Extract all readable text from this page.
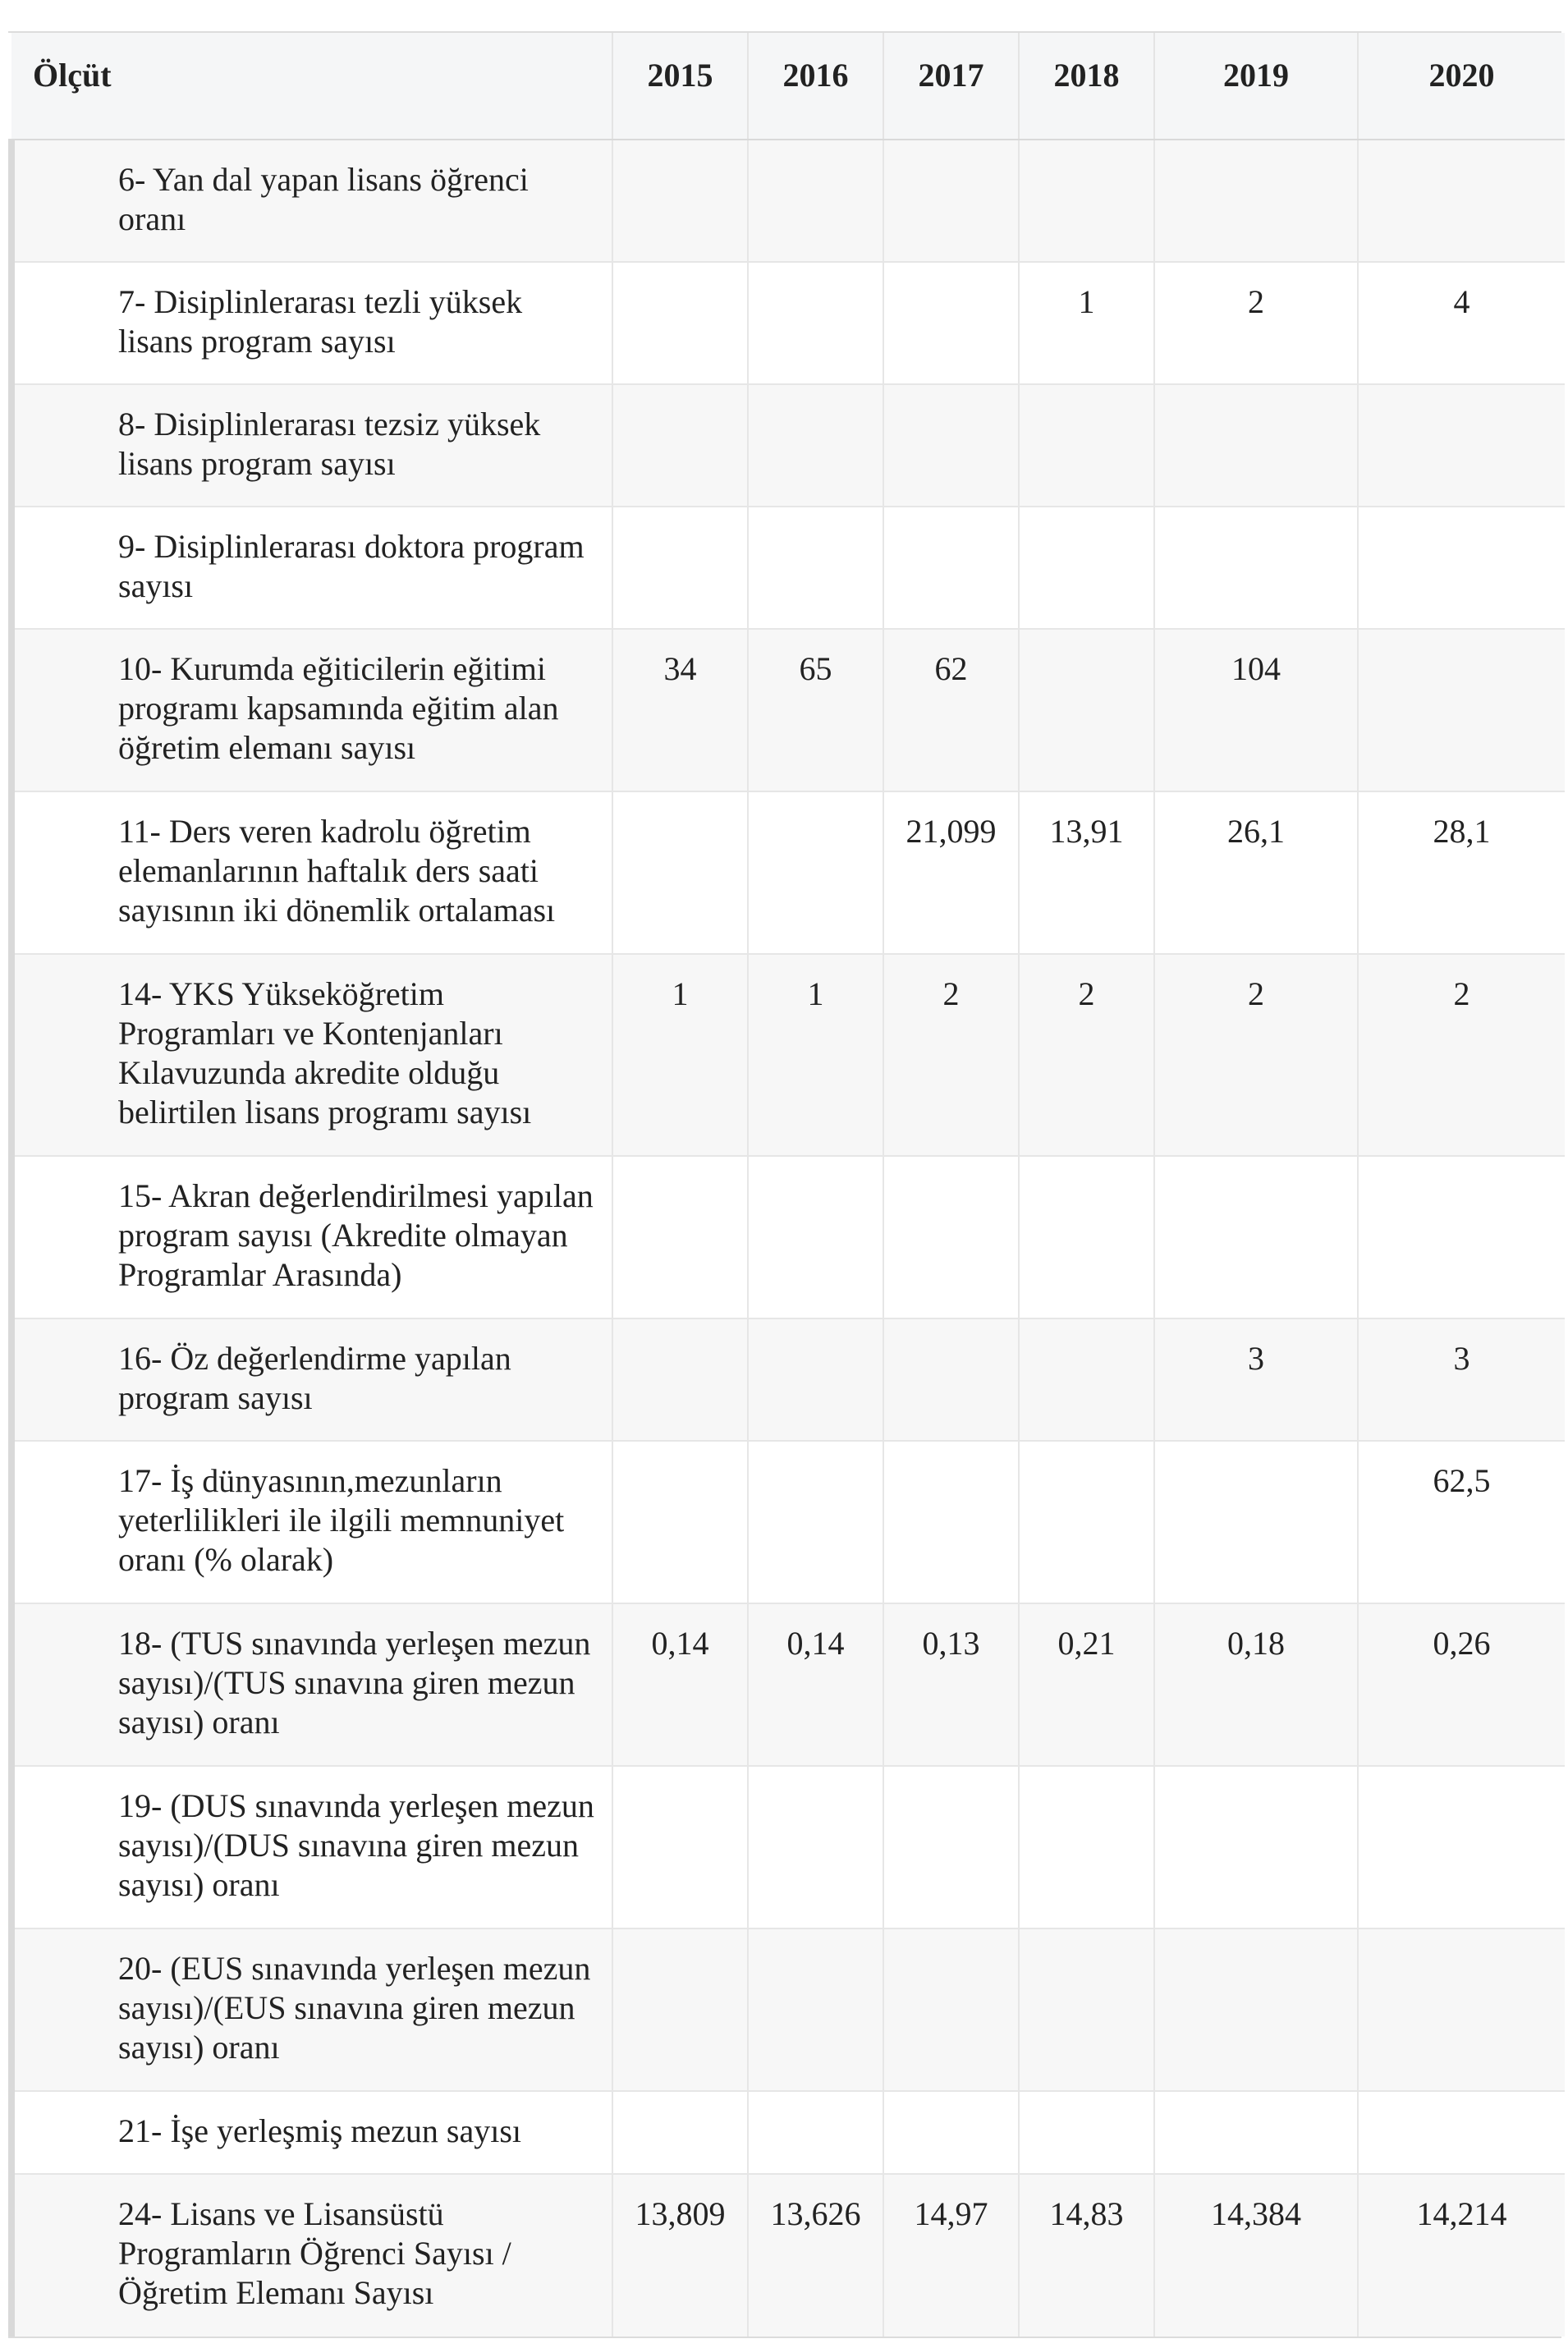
Ölçüt	2015	2016	2017	2018	2019	2020
6- Yan dal yapan lisans öğrenci oranı						
7- Disiplinlerarası tezli yüksek lisans program sayısı				1	2	4
8- Disiplinlerarası tezsiz yüksek lisans program sayısı						
9- Disiplinlerarası doktora program sayısı						
10- Kurumda eğiticilerin eğitimi programı kapsamında eğitim alan öğretim elemanı sayısı	34	65	62		104	
11- Ders veren kadrolu öğretim elemanlarının haftalık ders saati sayısının iki dönemlik ortalaması			21,099	13,91	26,1	28,1
14- YKS Yükseköğretim Programları ve Kontenjanları Kılavuzunda akredite olduğu belirtilen lisans programı sayısı	1	1	2	2	2	2
15- Akran değerlendirilmesi yapılan program sayısı (Akredite olmayan Programlar Arasında)						
16- Öz değerlendirme yapılan program sayısı					3	3
17- İş dünyasının,mezunların yeterlilikleri ile ilgili memnuniyet oranı (% olarak)						62,5
18- (TUS sınavında yerleşen mezun sayısı)/(TUS sınavına giren mezun sayısı) oranı	0,14	0,14	0,13	0,21	0,18	0,26
19- (DUS sınavında yerleşen mezun sayısı)/(DUS sınavına giren mezun sayısı) oranı						
20- (EUS sınavında yerleşen mezun sayısı)/(EUS sınavına giren mezun sayısı) oranı						
21- İşe yerleşmiş mezun sayısı						
24- Lisans ve Lisansüstü Programların Öğrenci Sayısı / Öğretim Elemanı Sayısı	13,809	13,626	14,97	14,83	14,384	14,214
